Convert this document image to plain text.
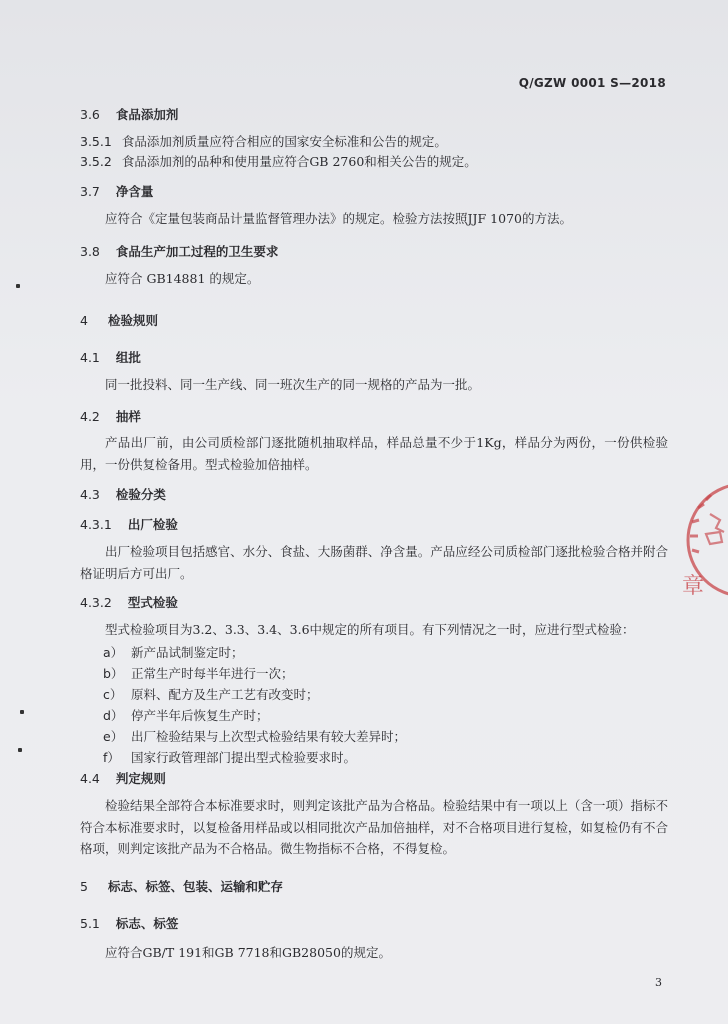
Q/GZW 0001 S—2018
3.6 食品添加剂
3.5.1 食品添加剂质量应符合相应的国家安全标准和公告的规定。
3.5.2 食品添加剂的品种和使用量应符合GB 2760和相关公告的规定。
3.7 净含量
应符合《定量包装商品计量监督管理办法》的规定。检验方法按照JJF 1070的方法。
3.8 食品生产加工过程的卫生要求
应符合 GB14881 的规定。
4 检验规则
4.1 组批
同一批投料、同一生产线、同一班次生产的同一规格的产品为一批。
4.2 抽样
产品出厂前，由公司质检部门逐批随机抽取样品，样品总量不少于1Kg，样品分为两份，一份供检验用，一份供复检备用。型式检验加倍抽样。
4.3 检验分类
4.3.1 出厂检验
出厂检验项目包括感官、水分、食盐、大肠菌群、净含量。产品应经公司质检部门逐批检验合格并附合格证明后方可出厂。
4.3.2 型式检验
型式检验项目为3.2、3.3、3.4、3.6中规定的所有项目。有下列情况之一时，应进行型式检验：
a） 新产品试制鉴定时；
b） 正常生产时每半年进行一次；
c） 原料、配方及生产工艺有改变时；
d） 停产半年后恢复生产时；
e） 出厂检验结果与上次型式检验结果有较大差异时；
f） 国家行政管理部门提出型式检验要求时。
4.4 判定规则
检验结果全部符合本标准要求时，则判定该批产品为合格品。检验结果中有一项以上（含一项）指标不符合本标准要求时，以复检备用样品或以相同批次产品加倍抽样，对不合格项目进行复检，如复检仍有不合格项，则判定该批产品为不合格品。微生物指标不合格，不得复检。
5 标志、标签、包装、运输和贮存
5.1 标志、标签
应符合GB/T 191和GB 7718和GB28050的规定。
3
章
